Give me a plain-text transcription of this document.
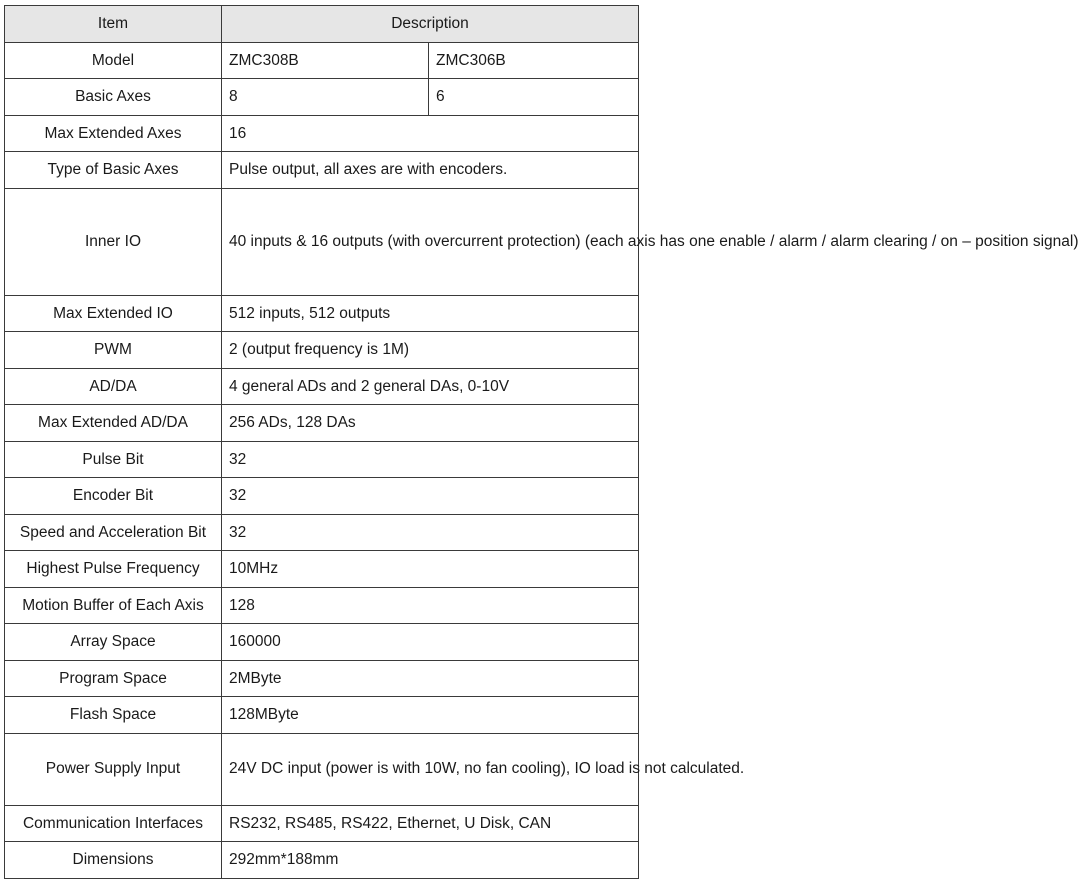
Item	Description	
Model	ZMC308B	ZMC306B
Basic Axes	8	6
Max Extended Axes	16	
Type of Basic Axes	Pulse output, all axes are with encoders.	
Inner IO	40 inputs & 16 outputs (with overcurrent protection) (each axis has one enable / alarm / alarm clearing / on – position signal)	
Max Extended IO	512 inputs, 512 outputs	
PWM	2 (output frequency is 1M)	
AD/DA	4 general ADs and 2 general DAs, 0-10V	
Max Extended AD/DA	256 ADs, 128 DAs	
Pulse Bit	32	
Encoder Bit	32	
Speed and Acceleration Bit	32	
Highest Pulse Frequency	10MHz	
Motion Buffer of Each Axis	128	
Array Space	160000	
Program Space	2MByte	
Flash Space	128MByte	
Power Supply Input	24V DC input (power is with 10W, no fan cooling), IO load is not calculated.	
Communication Interfaces	RS232, RS485, RS422, Ethernet, U Disk, CAN	
Dimensions	292mm*188mm	
